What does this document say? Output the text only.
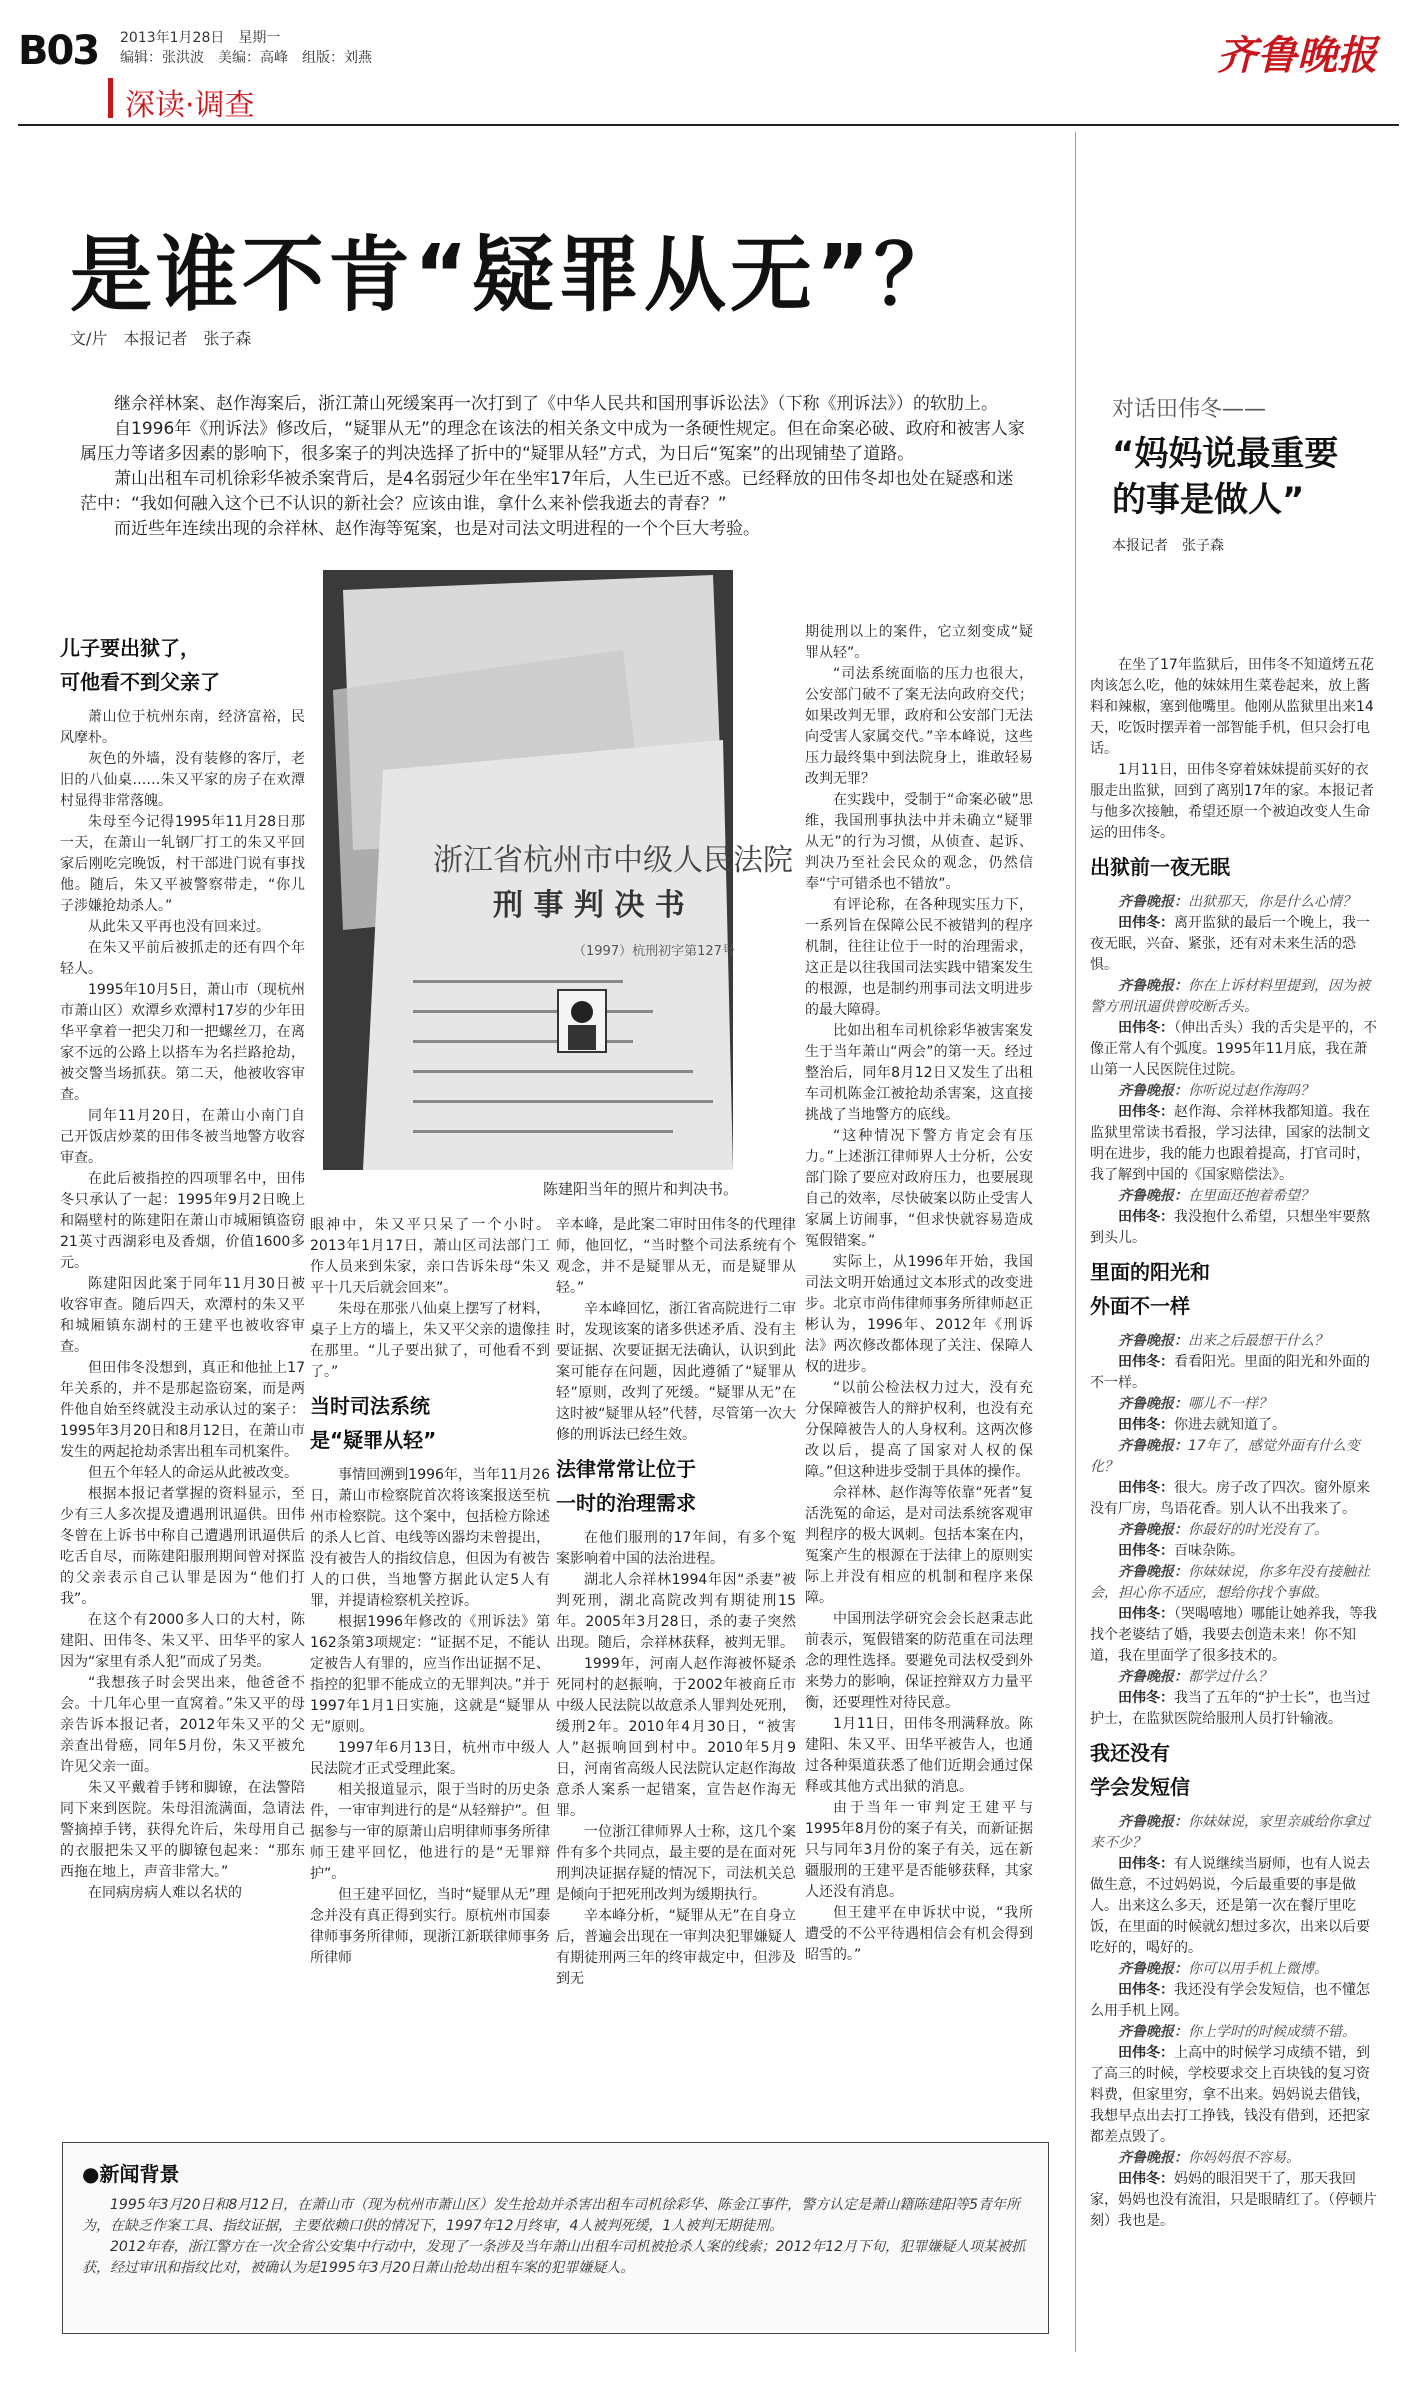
B03 2013年1月28日　星期一
编辑：张洪波　美编：高峰　组版：刘燕	齐鲁晚报
深读·调查
是谁不肯“疑罪从无”？
文/片　本报记者　张子森

继佘祥林案、赵作海案后，浙江萧山死缓案再一次打到了《中华人民共和国刑事诉讼法》（下称《刑诉法》）的软肋上。

自1996年《刑诉法》修改后，“疑罪从无”的理念在该法的相关条文中成为一条硬性规定。但在命案必破、政府和被害人家属压力等诸多因素的影响下，很多案子的判决选择了折中的“疑罪从轻”方式，为日后“冤案”的出现铺垫了道路。

萧山出租车司机徐彩华被杀案背后，是4名弱冠少年在坐牢17年后，人生已近不惑。已经释放的田伟冬却也处在疑惑和迷茫中：“我如何融入这个已不认识的新社会？应该由谁，拿什么来补偿我逝去的青春？”

而近些年连续出现的佘祥林、赵作海等冤案，也是对司法文明进程的一个个巨大考验。

浙江省杭州市中级人民法院
刑 事 判 决 书
（1997）杭刑初字第127号
陈建阳当年的照片和判决书。
儿子要出狱了，
可他看不到父亲了

萧山位于杭州东南，经济富裕，民风摩朴。

灰色的外墙，没有装修的客厅，老旧的八仙桌……朱又平家的房子在欢潭村显得非常落魄。

朱母至今记得1995年11月28日那一天，在萧山一轧钢厂打工的朱又平回家后刚吃完晚饭，村干部进门说有事找他。随后，朱又平被警察带走，“你儿子涉嫌抢劫杀人。”

从此朱又平再也没有回来过。

在朱又平前后被抓走的还有四个年轻人。

1995年10月5日，萧山市（现杭州市萧山区）欢潭乡欢潭村17岁的少年田华平拿着一把尖刀和一把螺丝刀，在离家不远的公路上以搭车为名拦路抢劫，被交警当场抓获。第二天，他被收容审查。

同年11月20日，在萧山小南门自己开饭店炒菜的田伟冬被当地警方收容审查。

在此后被指控的四项罪名中，田伟冬只承认了一起：1995年9月2日晚上和隔壁村的陈建阳在萧山市城厢镇盗窃21英寸西湖彩电及香烟，价值1600多元。

陈建阳因此案于同年11月30日被收容审查。随后四天，欢潭村的朱又平和城厢镇东湖村的王建平也被收容审查。

但田伟冬没想到，真正和他扯上17年关系的，并不是那起盗窃案，而是两件他自始至终就没主动承认过的案子：1995年3月20日和8月12日，在萧山市发生的两起抢劫杀害出租车司机案件。

但五个年轻人的命运从此被改变。

根据本报记者掌握的资料显示，至少有三人多次提及遭遇刑讯逼供。田伟冬曾在上诉书中称自己遭遇刑讯逼供后吃舌自尽，而陈建阳服刑期间曾对探监的父亲表示自己认罪是因为“他们打我”。

在这个有2000多人口的大村，陈建阳、田伟冬、朱又平、田华平的家人因为“家里有杀人犯”而成了另类。

“我想孩子时会哭出来，他爸爸不会。十几年心里一直窝着。”朱又平的母亲告诉本报记者，2012年朱又平的父亲查出骨癌，同年5月份，朱又平被允许见父亲一面。

朱又平戴着手铐和脚镣，在法警陪同下来到医院。朱母泪流满面，急请法警摘掉手铐，获得允许后，朱母用自己的衣服把朱又平的脚镣包起来：“那东西拖在地上，声音非常大。”

在同病房病人难以名状的

眼神中，朱又平只呆了一个小时。2013年1月17日，萧山区司法部门工作人员来到朱家，亲口告诉朱母“朱又平十几天后就会回来”。

朱母在那张八仙桌上摆写了材料，桌子上方的墙上，朱又平父亲的遗像挂在那里。“儿子要出狱了，可他看不到了。”

当时司法系统
是“疑罪从轻”

事情回溯到1996年，当年11月26日，萧山市检察院首次将该案报送至杭州市检察院。这个案中，包括检方除述的杀人匕首、电线等凶器均未曾提出，没有被告人的指纹信息，但因为有被告人的口供，当地警方据此认定5人有罪，并提请检察机关控诉。

根据1996年修改的《刑诉法》第162条第3项规定：“证据不足，不能认定被告人有罪的，应当作出证据不足、指控的犯罪不能成立的无罪判决。”并于1997年1月1日实施，这就是“疑罪从无”原则。

1997年6月13日，杭州市中级人民法院才正式受理此案。

相关报道显示，限于当时的历史条件，一审审判进行的是“从轻辩护”。但据参与一审的原萧山启明律师事务所律师王建平回忆，他进行的是“无罪辩护”。

但王建平回忆，当时“疑罪从无”理念并没有真正得到实行。原杭州市国泰律师事务所律师，现浙江新联律师事务所律师

辛本峰，是此案二审时田伟冬的代理律师，他回忆，“当时整个司法系统有个观念，并不是疑罪从无，而是疑罪从轻。”

辛本峰回忆，浙江省高院进行二审时，发现该案的诸多供述矛盾、没有主要证据、次要证据无法确认，认识到此案可能存在问题，因此遵循了“疑罪从轻”原则，改判了死缓。“疑罪从无”在这时被“疑罪从轻”代替，尽管第一次大修的刑诉法已经生效。

法律常常让位于
一时的治理需求

在他们服刑的17年间，有多个冤案影响着中国的法治进程。

湖北人佘祥林1994年因“杀妻”被判死刑，湖北高院改判有期徒刑15年。2005年3月28日，杀的妻子突然出现。随后，佘祥林获释，被判无罪。

1999年，河南人赵作海被怀疑杀死同村的赵振响，于2002年被商丘市中级人民法院以故意杀人罪判处死刑，缓刑2年。2010年4月30日，“被害人”赵振响回到村中。2010年5月9日，河南省高级人民法院认定赵作海故意杀人案系一起错案，宣告赵作海无罪。

一位浙江律师界人士称，这几个案件有多个共同点，最主要的是在面对死刑判决证据存疑的情况下，司法机关总是倾向于把死刑改判为缓期执行。

辛本峰分析，“疑罪从无”在自身立后，普遍会出现在一审判决犯罪嫌疑人有期徒刑两三年的终审裁定中，但涉及到无

期徒刑以上的案件，它立刻变成“疑罪从轻”。

“司法系统面临的压力也很大，公安部门破不了案无法向政府交代；如果改判无罪，政府和公安部门无法向受害人家属交代。”辛本峰说，这些压力最终集中到法院身上，谁敢轻易改判无罪？

在实践中，受制于“命案必破”思维，我国刑事执法中并未确立“疑罪从无”的行为习惯，从侦查、起诉、判决乃至社会民众的观念，仍然信奉“宁可错杀也不错放”。

有评论称，在各种现实压力下，一系列旨在保障公民不被错判的程序机制，往往让位于一时的治理需求，这正是以往我国司法实践中错案发生的根源，也是制约刑事司法文明进步的最大障碍。

比如出租车司机徐彩华被害案发生于当年萧山“两会”的第一天。经过整治后，同年8月12日又发生了出租车司机陈金江被抢劫杀害案，这直接挑战了当地警方的底线。

“这种情况下警方肯定会有压力。”上述浙江律师界人士分析，公安部门除了要应对政府压力，也要展现自己的效率，尽快破案以防止受害人家属上访闹事，“但求快就容易造成冤假错案。”

实际上，从1996年开始，我国司法文明开始通过文本形式的改变进步。北京市尚伟律师事务所律师赵正彬认为，1996年、2012年《刑诉法》两次修改都体现了关注、保障人权的进步。

“以前公检法权力过大，没有充分保障被告人的辩护权利，也没有充分保障被告人的人身权利。这两次修改以后，提高了国家对人权的保障。”但这种进步受制于具体的操作。

佘祥林、赵作海等依靠“死者”复活洗冤的命运，是对司法系统客观审判程序的极大讽刺。包括本案在内，冤案产生的根源在于法律上的原则实际上并没有相应的机制和程序来保障。

中国刑法学研究会会长赵秉志此前表示，冤假错案的防范重在司法理念的理性选择。要避免司法权受到外来势力的影响，保证控辩双方力量平衡，还要理性对待民意。

1月11日，田伟冬刑满释放。陈建阳、朱又平、田华平被告人，也通过各种渠道获悉了他们近期会通过保释或其他方式出狱的消息。

由于当年一审判定王建平与1995年8月份的案子有关，而新证据只与同年3月份的案子有关，远在新疆服刑的王建平是否能够获释，其家人还没有消息。

但王建平在申诉状中说，“我所遭受的不公平待遇相信会有机会得到昭雪的。”

对话田伟冬——
“妈妈说最重要
的事是做人”
本报记者　张子森

在坐了17年监狱后，田伟冬不知道烤五花肉该怎么吃，他的妹妹用生菜卷起来，放上酱料和辣椒，塞到他嘴里。他刚从监狱里出来14天，吃饭时摆弄着一部智能手机，但只会打电话。

1月11日，田伟冬穿着妹妹提前买好的衣服走出监狱，回到了离别17年的家。本报记者与他多次接触，希望还原一个被迫改变人生命运的田伟冬。

出狱前一夜无眠

齐鲁晚报：出狱那天，你是什么心情？

田伟冬：离开监狱的最后一个晚上，我一夜无眠，兴奋、紧张，还有对未来生活的恐惧。

齐鲁晚报：你在上诉材料里提到，因为被警方刑讯逼供曾咬断舌头。

田伟冬：（伸出舌头）我的舌尖是平的，不像正常人有个弧度。1995年11月底，我在萧山第一人民医院住过院。

齐鲁晚报：你听说过赵作海吗？

田伟冬：赵作海、佘祥林我都知道。我在监狱里常读书看报，学习法律，国家的法制文明在进步，我的能力也跟着提高，打官司时，我了解到中国的《国家赔偿法》。

齐鲁晚报：在里面还抱着希望？

田伟冬：我没抱什么希望，只想坐牢要熬到头儿。

里面的阳光和
外面不一样

齐鲁晚报：出来之后最想干什么？

田伟冬：看看阳光。里面的阳光和外面的不一样。

齐鲁晚报：哪儿不一样？

田伟冬：你进去就知道了。

齐鲁晚报：17年了，感觉外面有什么变化？

田伟冬：很大。房子改了四次。窗外原来没有厂房，鸟语花香。别人认不出我来了。

齐鲁晚报：你最好的时光没有了。

田伟冬：百味杂陈。

齐鲁晚报：你妹妹说，你多年没有接触社会，担心你不适应，想给你找个事做。

田伟冬：（哭喝嘻地）哪能让她养我，等我找个老婆结了婚，我要去创造未来！你不知道，我在里面学了很多技术的。

齐鲁晚报：都学过什么？

田伟冬：我当了五年的“护士长”，也当过护士，在监狱医院给服刑人员打针输液。

我还没有
学会发短信

齐鲁晚报：你妹妹说，家里亲戚给你拿过来不少？

田伟冬：有人说继续当厨师，也有人说去做生意，不过妈妈说，今后最重要的事是做人。出来这么多天，还是第一次在餐厅里吃饭，在里面的时候就幻想过多次，出来以后要吃好的，喝好的。

齐鲁晚报：你可以用手机上微博。

田伟冬：我还没有学会发短信，也不懂怎么用手机上网。

齐鲁晚报：你上学时的时候成绩不错。

田伟冬：上高中的时候学习成绩不错，到了高三的时候，学校要求交上百块钱的复习资料费，但家里穷，拿不出来。妈妈说去借钱，我想早点出去打工挣钱，钱没有借到，还把家都差点毁了。

齐鲁晚报：你妈妈很不容易。

田伟冬：妈妈的眼泪哭干了，那天我回家，妈妈也没有流泪，只是眼睛红了。（停顿片刻）我也是。

●新闻背景

1995年3月20日和8月12日，在萧山市（现为杭州市萧山区）发生抢劫并杀害出租车司机徐彩华、陈金江事件，警方认定是萧山籍陈建阳等5青年所为，在缺乏作案工具、指纹证据，主要依赖口供的情况下，1997年12月终审，4人被判死缓，1人被判无期徒刑。

2012年春，浙江警方在一次全省公安集中行动中，发现了一条涉及当年萧山出租车司机被抢杀人案的线索；2012年12月下旬，犯罪嫌疑人项某被抓获，经过审讯和指纹比对，被确认为是1995年3月20日萧山抢劫出租车案的犯罪嫌疑人。
